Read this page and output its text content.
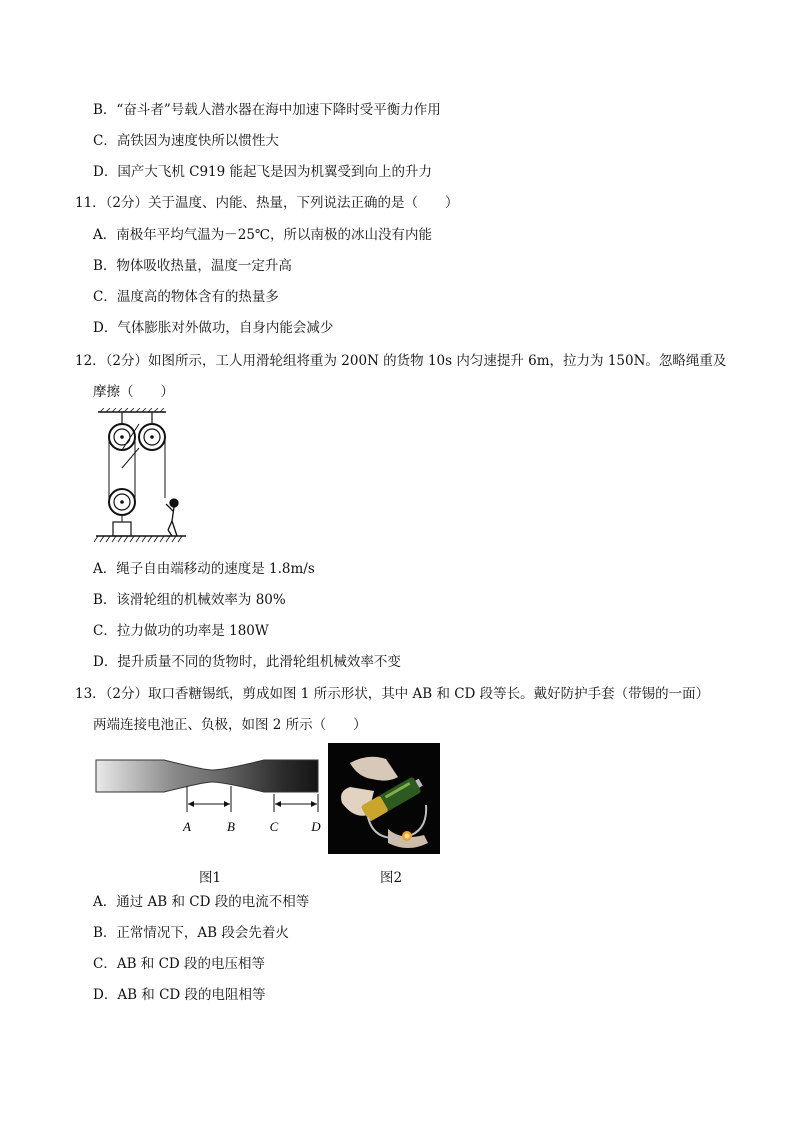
B．“奋斗者”号载人潜水器在海中加速下降时受平衡力作用
C．高铁因为速度快所以惯性大
D．国产大飞机 C919 能起飞是因为机翼受到向上的升力
11．（2分）关于温度、内能、热量，下列说法正确的是（　　）
A．南极年平均气温为－25℃，所以南极的冰山没有内能
B．物体吸收热量，温度一定升高
C．温度高的物体含有的热量多
D．气体膨胀对外做功，自身内能会减少
12．（2分）如图所示，工人用滑轮组将重为 200N 的货物 10s 内匀速提升 6m，拉力为 150N。忽略绳重及
摩擦（　　）
A．绳子自由端移动的速度是 1.8m/s
B．该滑轮组的机械效率为 80%
C．拉力做功的功率是 180W
D．提升质量不同的货物时，此滑轮组机械效率不变
13．（2分）取口香糖锡纸，剪成如图 1 所示形状，其中 AB 和 CD 段等长。戴好防护手套（带锡的一面）
两端连接电池正、负极，如图 2 所示（　　）
A	B	C	D
图1	图2
A．通过 AB 和 CD 段的电流不相等
B．正常情况下，AB 段会先着火
C．AB 和 CD 段的电压相等
D．AB 和 CD 段的电阻相等
